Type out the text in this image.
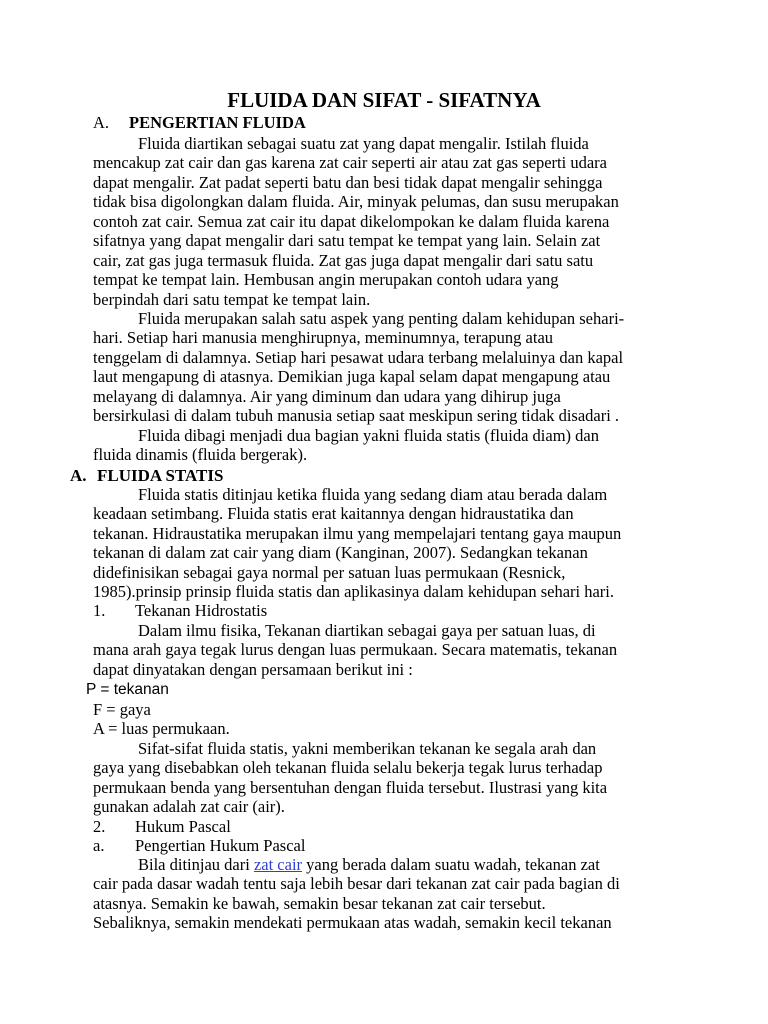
FLUIDA DAN SIFAT - SIFATNYA
A. PENGERTIAN FLUIDA
Fluida diartikan sebagai suatu zat yang dapat mengalir. Istilah fluida
mencakup zat cair dan gas karena zat cair seperti air atau zat gas seperti udara
dapat mengalir. Zat padat seperti batu dan besi tidak dapat mengalir sehingga
tidak bisa digolongkan dalam fluida. Air, minyak pelumas, dan susu merupakan
contoh zat cair. Semua zat cair itu dapat dikelompokan ke dalam fluida karena
sifatnya yang dapat mengalir dari satu tempat ke tempat yang lain. Selain zat
cair, zat gas juga termasuk fluida. Zat gas juga dapat mengalir dari satu satu
tempat ke tempat lain. Hembusan angin merupakan contoh udara yang
berpindah dari satu tempat ke tempat lain.
Fluida merupakan salah satu aspek yang penting dalam kehidupan sehari-
hari. Setiap hari manusia menghirupnya, meminumnya, terapung atau
tenggelam di dalamnya. Setiap hari pesawat udara terbang melaluinya dan kapal
laut mengapung di atasnya. Demikian juga kapal selam dapat mengapung atau
melayang di dalamnya. Air yang diminum dan udara yang dihirup juga
bersirkulasi di dalam tubuh manusia setiap saat meskipun sering tidak disadari .
Fluida dibagi menjadi dua bagian yakni fluida statis (fluida diam) dan
fluida dinamis (fluida bergerak).
A. FLUIDA STATIS
Fluida statis ditinjau ketika fluida yang sedang diam atau berada dalam
keadaan setimbang. Fluida statis erat kaitannya dengan hidraustatika dan
tekanan. Hidraustatika merupakan ilmu yang mempelajari tentang gaya maupun
tekanan di dalam zat cair yang diam (Kanginan, 2007). Sedangkan tekanan
didefinisikan sebagai gaya normal per satuan luas permukaan (Resnick,
1985).prinsip prinsip fluida statis dan aplikasinya dalam kehidupan sehari hari.
1. Tekanan Hidrostatis
Dalam ilmu fisika, Tekanan diartikan sebagai gaya per satuan luas, di
mana arah gaya tegak lurus dengan luas permukaan. Secara matematis, tekanan
dapat dinyatakan dengan persamaan berikut ini :
P = tekanan
F = gaya
A = luas permukaan.
Sifat-sifat fluida statis, yakni memberikan tekanan ke segala arah dan
gaya yang disebabkan oleh tekanan fluida selalu bekerja tegak lurus terhadap
permukaan benda yang bersentuhan dengan fluida tersebut. Ilustrasi yang kita
gunakan adalah zat cair (air).
2. Hukum Pascal
a. Pengertian Hukum Pascal
Bila ditinjau dari zat cair yang berada dalam suatu wadah, tekanan zat
cair pada dasar wadah tentu saja lebih besar dari tekanan zat cair pada bagian di
atasnya. Semakin ke bawah, semakin besar tekanan zat cair tersebut.
Sebaliknya, semakin mendekati permukaan atas wadah, semakin kecil tekanan
